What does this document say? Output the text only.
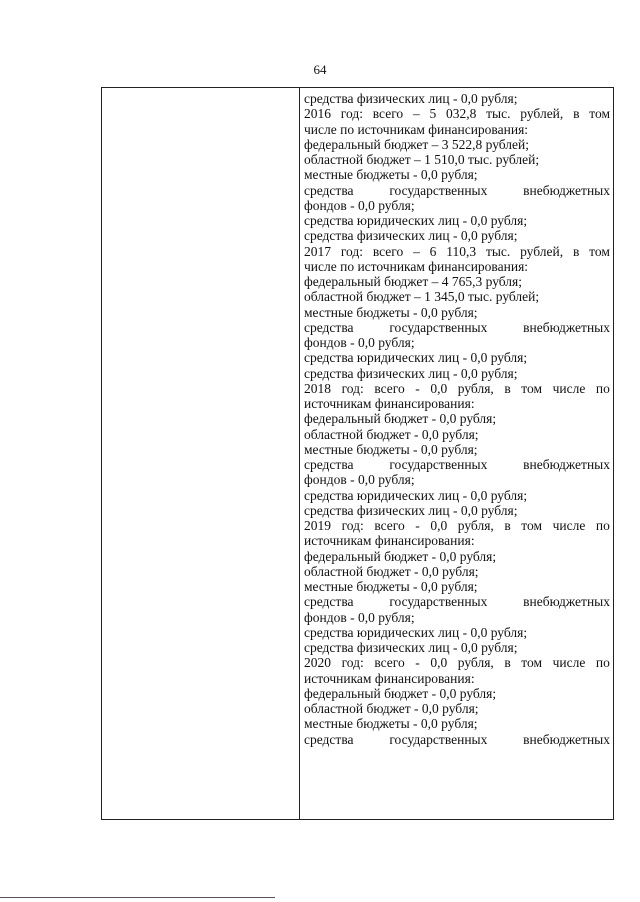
64
средства физических лиц - 0,0 рубля;
2016 год: всего – 5 032,8 тыс. рублей, в том
числе по источникам финансирования:
федеральный бюджет – 3 522,8 рублей;
областной бюджет – 1 510,0 тыс. рублей;
местные бюджеты - 0,0 рубля;
средства	государственных	внебюджетных
фондов - 0,0 рубля;
средства юридических лиц - 0,0 рубля;
средства физических лиц - 0,0 рубля;
2017 год: всего – 6 110,3 тыс. рублей, в том
числе по источникам финансирования:
федеральный бюджет – 4 765,3 рубля;
областной бюджет – 1 345,0 тыс. рублей;
местные бюджеты - 0,0 рубля;
средства	государственных	внебюджетных
фондов - 0,0 рубля;
средства юридических лиц - 0,0 рубля;
средства физических лиц - 0,0 рубля;
2018 год: всего - 0,0 рубля, в том числе по
источникам финансирования:
федеральный бюджет - 0,0 рубля;
областной бюджет - 0,0 рубля;
местные бюджеты - 0,0 рубля;
средства	государственных	внебюджетных
фондов - 0,0 рубля;
средства юридических лиц - 0,0 рубля;
средства физических лиц - 0,0 рубля;
2019 год: всего - 0,0 рубля, в том числе по
источникам финансирования:
федеральный бюджет - 0,0 рубля;
областной бюджет - 0,0 рубля;
местные бюджеты - 0,0 рубля;
средства	государственных	внебюджетных
фондов - 0,0 рубля;
средства юридических лиц - 0,0 рубля;
средства физических лиц - 0,0 рубля;
2020 год: всего - 0,0 рубля, в том числе по
источникам финансирования:
федеральный бюджет - 0,0 рубля;
областной бюджет - 0,0 рубля;
местные бюджеты - 0,0 рубля;
средства	государственных	внебюджетных
